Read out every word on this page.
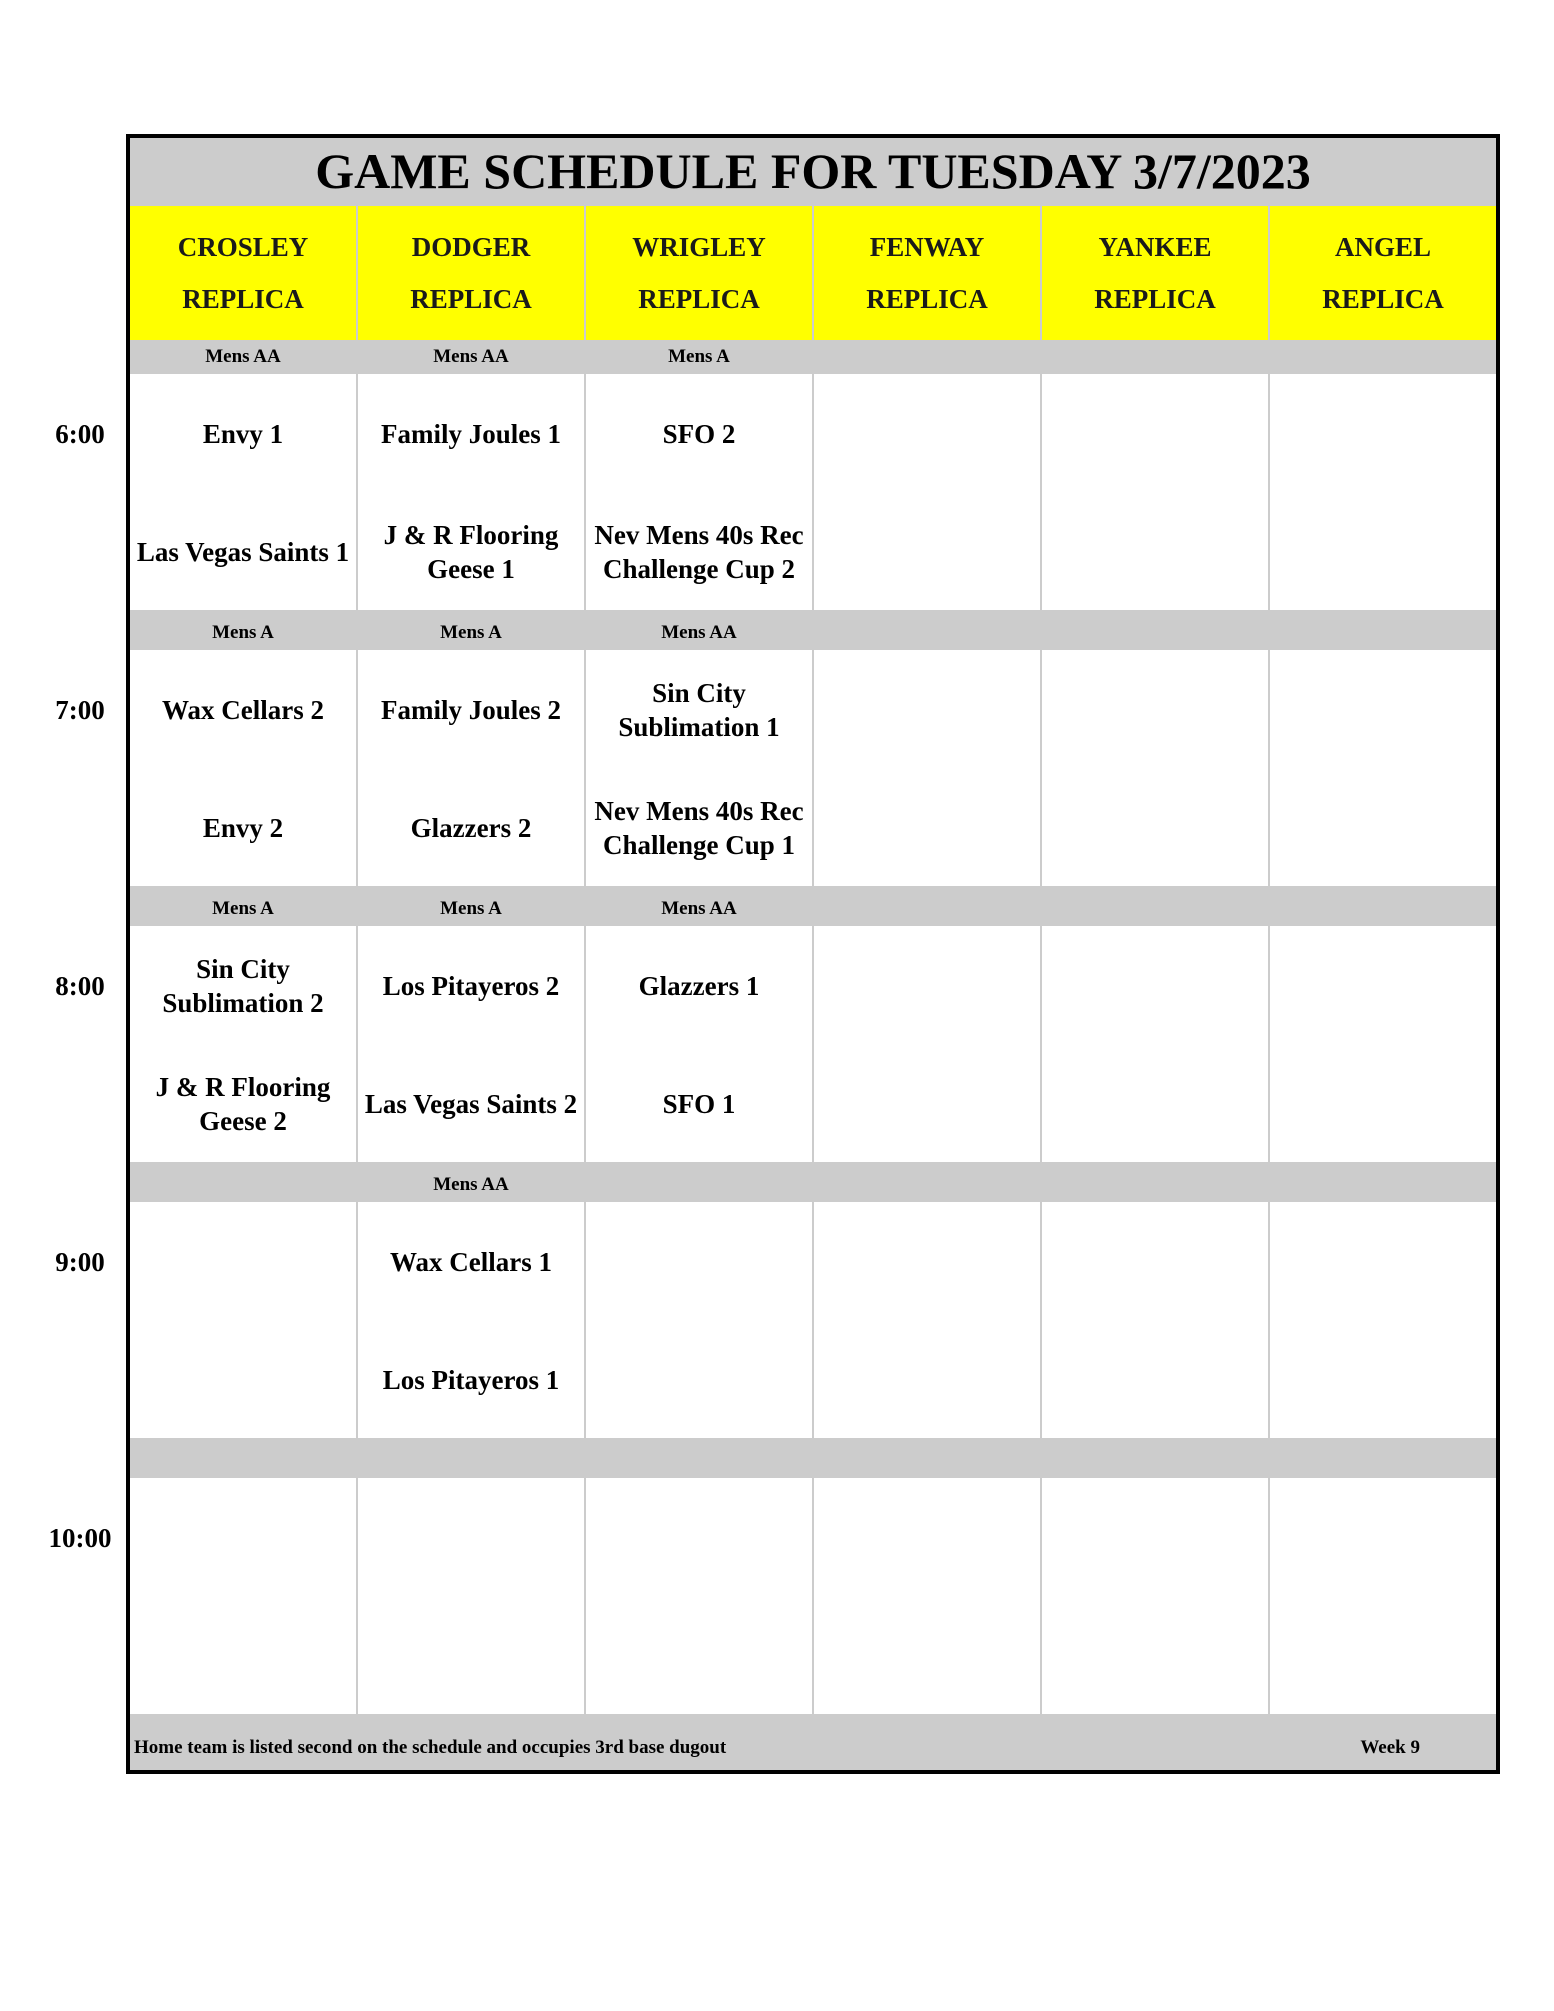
6:00
7:00
8:00
9:00
10:00
GAME SCHEDULE FOR TUESDAY 3/7/2023
CROSLEY
REPLICA
DODGER
REPLICA
WRIGLEY
REPLICA
FENWAY
REPLICA
YANKEE
REPLICA
ANGEL
REPLICA
Mens AA
Envy 1
Las Vegas Saints 1
Mens AA
Family Joules 1
J & R Flooring Geese 1
Mens A
SFO 2
Nev Mens 40s Rec Challenge Cup 2
Mens A
Wax Cellars 2
Envy 2
Mens A
Family Joules 2
Glazzers 2
Mens AA
Sin City Sublimation 1
Nev Mens 40s Rec Challenge Cup 1
Mens A
Sin City Sublimation 2
J & R Flooring Geese 2
Mens A
Los Pitayeros 2
Las Vegas Saints 2
Mens AA
Glazzers 1
SFO 1
Mens AA
Wax Cellars 1
Los Pitayeros 1
Home team is listed second on the schedule and occupies 3rd base dugout	Week 9
